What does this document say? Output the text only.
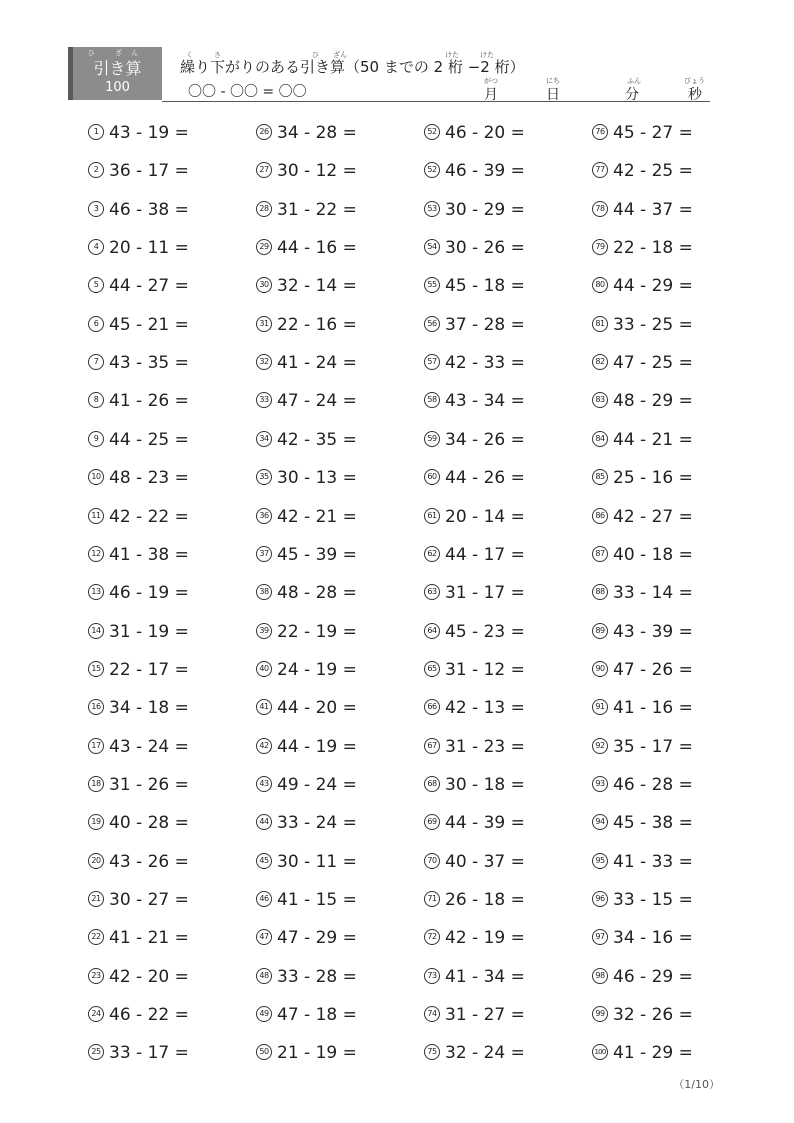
ひ ざん
引き算
100
く　　　さ　　　　　　　　　　　　　ひ　　ざん　　　　　　　　　　　　　　けた　　　けた
繰り下がりのある引き算（50 までの 2 桁 −2 桁）
〇〇 - 〇〇 = 〇〇
がつ
月
にち
日
ふん
分
びょう
秒
1 43 - 19 =
2 36 - 17 =
3 46 - 38 =
4 20 - 11 =
5 44 - 27 =
6 45 - 21 =
7 43 - 35 =
8 41 - 26 =
9 44 - 25 =
10 48 - 23 =
11 42 - 22 =
12 41 - 38 =
13 46 - 19 =
14 31 - 19 =
15 22 - 17 =
16 34 - 18 =
17 43 - 24 =
18 31 - 26 =
19 40 - 28 =
20 43 - 26 =
21 30 - 27 =
22 41 - 21 =
23 42 - 20 =
24 46 - 22 =
25 33 - 17 =
26 34 - 28 =
27 30 - 12 =
28 31 - 22 =
29 44 - 16 =
30 32 - 14 =
31 22 - 16 =
32 41 - 24 =
33 47 - 24 =
34 42 - 35 =
35 30 - 13 =
36 42 - 21 =
37 45 - 39 =
38 48 - 28 =
39 22 - 19 =
40 24 - 19 =
41 44 - 20 =
42 44 - 19 =
43 49 - 24 =
44 33 - 24 =
45 30 - 11 =
46 41 - 15 =
47 47 - 29 =
48 33 - 28 =
49 47 - 18 =
50 21 - 19 =
52 46 - 20 =
52 46 - 39 =
53 30 - 29 =
54 30 - 26 =
55 45 - 18 =
56 37 - 28 =
57 42 - 33 =
58 43 - 34 =
59 34 - 26 =
60 44 - 26 =
61 20 - 14 =
62 44 - 17 =
63 31 - 17 =
64 45 - 23 =
65 31 - 12 =
66 42 - 13 =
67 31 - 23 =
68 30 - 18 =
69 44 - 39 =
70 40 - 37 =
71 26 - 18 =
72 42 - 19 =
73 41 - 34 =
74 31 - 27 =
75 32 - 24 =
76 45 - 27 =
77 42 - 25 =
78 44 - 37 =
79 22 - 18 =
80 44 - 29 =
81 33 - 25 =
82 47 - 25 =
83 48 - 29 =
84 44 - 21 =
85 25 - 16 =
86 42 - 27 =
87 40 - 18 =
88 33 - 14 =
89 43 - 39 =
90 47 - 26 =
91 41 - 16 =
92 35 - 17 =
93 46 - 28 =
94 45 - 38 =
95 41 - 33 =
96 33 - 15 =
97 34 - 16 =
98 46 - 29 =
99 32 - 26 =
100 41 - 29 =
（1/10）
